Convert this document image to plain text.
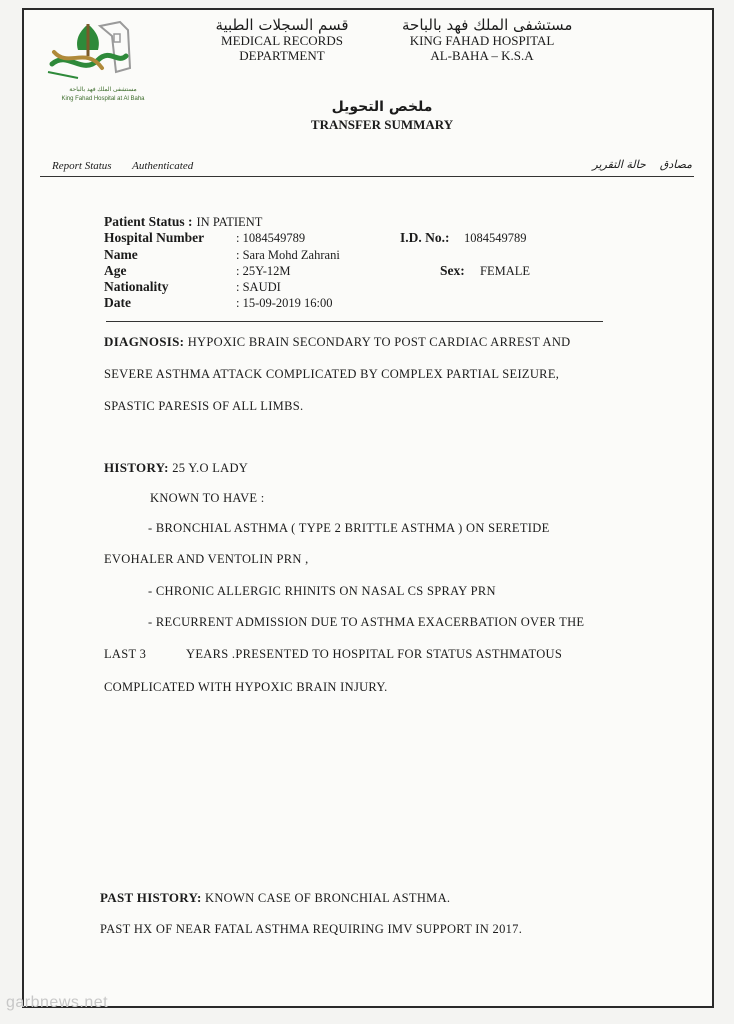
مستشفى الملك فهد بالباحة
King Fahad Hospital at Al Baha
قسم السجلات الطبية
MEDICAL RECORDS
DEPARTMENT
مستشفى الملك فهد بالباحة
KING FAHAD HOSPITAL
AL-BAHA – K.S.A
ملخص التحويل
TRANSFER SUMMARY
Report Status Authenticated	مصادق    حالة التقرير
Patient Status : IN PATIENT
Hospital Number	: 1084549789	I.D. No.: 1084549789
Name	: Sara Mohd Zahrani
Age	: 25Y-12M	Sex: FEMALE
Nationality	: SAUDI
Date	: 15-09-2019 16:00
DIAGNOSIS: HYPOXIC BRAIN SECONDARY TO POST CARDIAC ARREST AND
SEVERE ASTHMA ATTACK COMPLICATED BY COMPLEX PARTIAL SEIZURE,
SPASTIC PARESIS OF ALL LIMBS.
HISTORY: 25 Y.O LADY
KNOWN TO HAVE :
- BRONCHIAL ASTHMA ( TYPE 2 BRITTLE ASTHMA ) ON SERETIDE
EVOHALER AND VENTOLIN PRN ,
- CHRONIC ALLERGIC RHINITS ON NASAL CS SPRAY PRN
- RECURRENT ADMISSION DUE TO ASTHMA EXACERBATION OVER THE
LAST 3	YEARS .PRESENTED TO HOSPITAL FOR STATUS ASTHMATOUS
COMPLICATED WITH HYPOXIC BRAIN INJURY.
PAST HISTORY: KNOWN CASE OF BRONCHIAL ASTHMA.
PAST HX OF NEAR FATAL ASTHMA REQUIRING IMV SUPPORT IN 2017.
garbnews.net
